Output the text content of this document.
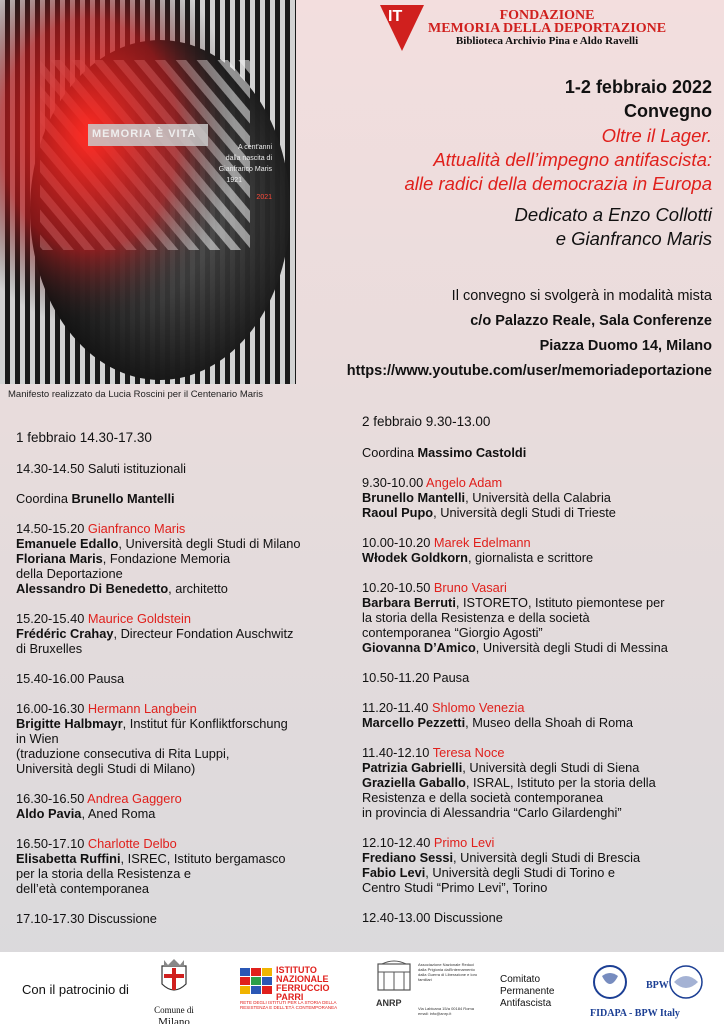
MEMORIA È VITA
A cent'anni
dalla nascita di
Gianfranco Maris
1921
2021
Manifesto realizzato da Lucia Roscini per il Centenario Maris
IT	FONDAZIONE
MEMORIA DELLA DEPORTAZIONE
Biblioteca Archivio Pina e Aldo Ravelli
1-2 febbraio 2022
Convegno
Oltre il Lager.
Attualità dell’impegno antifascista:
alle radici della democrazia in Europa
Dedicato a Enzo Collotti
e Gianfranco Maris
Il convegno si svolgerà in modalità mista
c/o Palazzo Reale, Sala Conferenze
Piazza Duomo 14, Milano
https://www.youtube.com/user/memoriadeportazione
1 febbraio 14.30-17.30
14.30-14.50 Saluti istituzionali
Coordina Brunello Mantelli
14.50-15.20 Gianfranco Maris
Emanuele Edallo, Università degli Studi di Milano
Floriana Maris, Fondazione Memoria
della Deportazione
Alessandro Di Benedetto, architetto
15.20-15.40 Maurice Goldstein
Frédéric Crahay, Directeur Fondation Auschwitz
di Bruxelles
15.40-16.00 Pausa
16.00-16.30 Hermann Langbein
Brigitte Halbmayr, Institut für Konfliktforschung
in Wien
(traduzione consecutiva di Rita Luppi,
Università degli Studi di Milano)
16.30-16.50 Andrea Gaggero
Aldo Pavia, Aned Roma
16.50-17.10 Charlotte Delbo
Elisabetta Ruffini, ISREC, Istituto bergamasco
per la storia della Resistenza e
dell’età contemporanea
17.10-17.30 Discussione
2 febbraio 9.30-13.00
Coordina Massimo Castoldi
9.30-10.00 Angelo Adam
Brunello Mantelli, Università della Calabria
Raoul Pupo, Università degli Studi di Trieste
10.00-10.20 Marek Edelmann
Włodek Goldkorn, giornalista e scrittore
10.20-10.50 Bruno Vasari
Barbara Berruti, ISTORETO, Istituto piemontese per
la storia della Resistenza e della società
contemporanea “Giorgio Agosti”
Giovanna D’Amico, Università degli Studi di Messina
10.50-11.20 Pausa
11.20-11.40 Shlomo Venezia
Marcello Pezzetti, Museo della Shoah di Roma
11.40-12.10 Teresa Noce
Patrizia Gabrielli, Università degli Studi di Siena
Graziella Gaballo, ISRAL, Istituto per la storia della
Resistenza e della società contemporanea
in provincia di Alessandria “Carlo Gilardenghi”
12.10-12.40 Primo Levi
Frediano Sessi, Università degli Studi di Brescia
Fabio Levi, Università degli Studi di Torino e
Centro Studi “Primo Levi”, Torino
12.40-13.00 Discussione
Con il patrocinio di
Comune di
Milano
ISTITUTO
NAZIONALE
FERRUCCIO
PARRI
RETE DEGLI ISTITUTI PER LA STORIA DELLA RESISTENZA E DELL'ETÀ CONTEMPORANEA	ANRP
Associazione Nazionale Reduci dalla Prigionia dall'Internamento dalla Guerra di Liberazione e loro familiari
Via Labicana 15/a 00184 Roma email: info@anrp.it
Comitato
Permanente
Antifascista
BPW
FIDAPA - BPW Italy
